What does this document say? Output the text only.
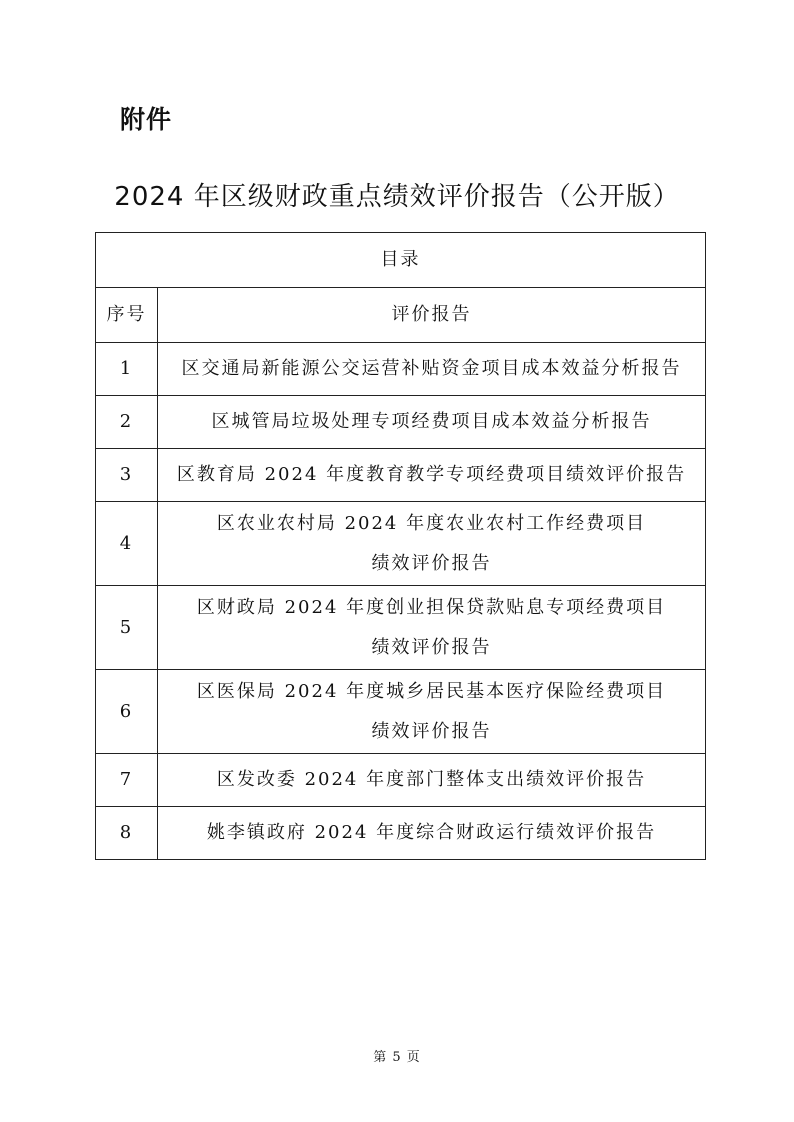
附件
2024 年区级财政重点绩效评价报告（公开版）
目录	
序号	评价报告
1	区交通局新能源公交运营补贴资金项目成本效益分析报告

2	区城管局垃圾处理专项经费项目成本效益分析报告

3	区教育局 2024 年度教育教学专项经费项目绩效评价报告

4	区农业农村局 2024 年度农业农村工作经费项目
绩效评价报告

5	区财政局 2024 年度创业担保贷款贴息专项经费项目
绩效评价报告

6	区医保局 2024 年度城乡居民基本医疗保险经费项目
绩效评价报告

7	区发改委 2024 年度部门整体支出绩效评价报告

8	姚李镇政府 2024 年度综合财政运行绩效评价报告
第 5 页
